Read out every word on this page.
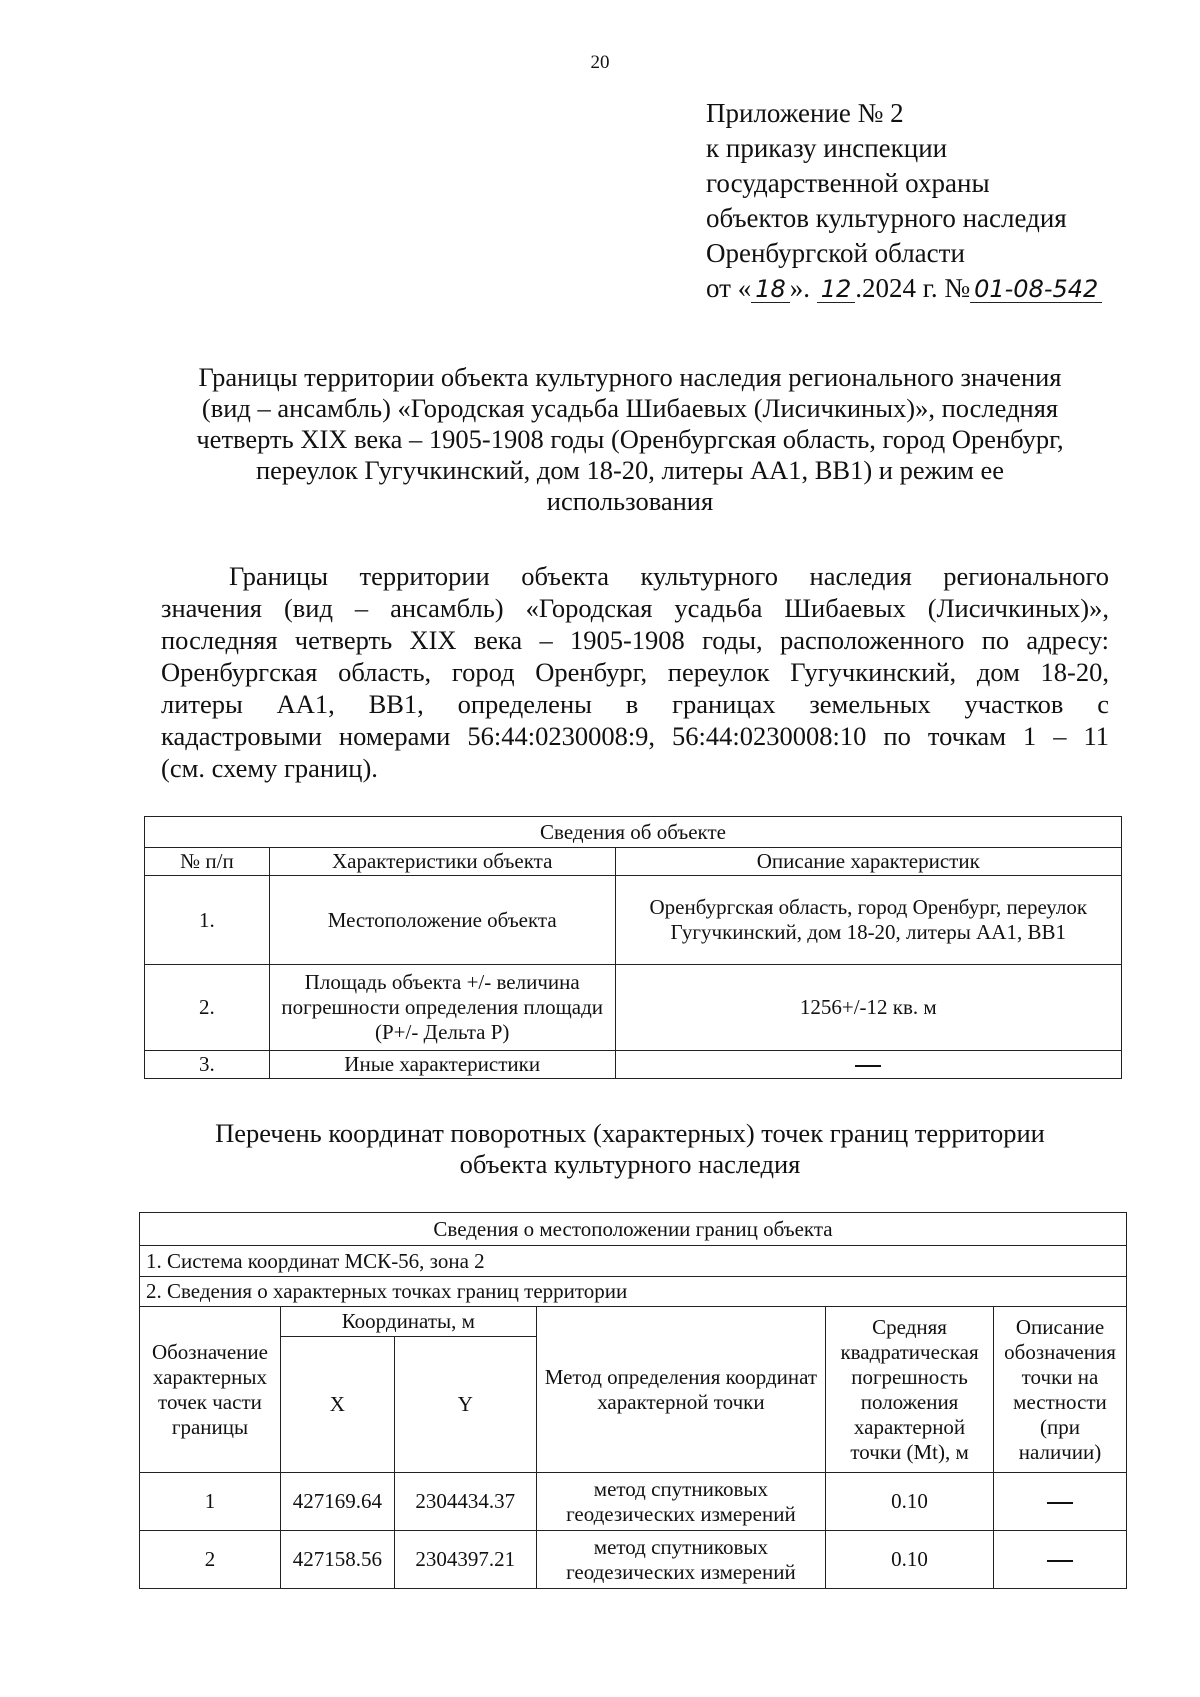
20
Приложение № 2
к приказу инспекции
государственной охраны
объектов культурного наследия
Оренбургской области
от « 18 ». 12 .2024 г. № 01-08-542
Границы территории объекта культурного наследия регионального значения
(вид – ансамбль) «Городская усадьба Шибаевых (Лисичкиных)», последняя
четверть XIX века – 1905-1908 годы (Оренбургская область, город Оренбург,
переулок Гугучкинский, дом 18-20, литеры АА1, ВВ1) и режим ее
использования
Границы территории объекта культурного наследия регионального
значения (вид – ансамбль) «Городская усадьба Шибаевых (Лисичкиных)»,
последняя четверть XIX века – 1905-1908 годы, расположенного по адресу:
Оренбургская область, город Оренбург, переулок Гугучкинский, дом 18-20,
литеры АА1, ВВ1, определены в границах земельных участков с
кадастровыми номерами 56:44:0230008:9, 56:44:0230008:10 по точкам 1 – 11
(см. схему границ).
Сведения об объекте		
№ п/п	Характеристики объекта	Описание характеристик
1.	Местоположение объекта	Оренбургская область, город Оренбург, переулок Гугучкинский, дом 18-20, литеры АА1, ВВ1
2.	Площадь объекта +/- величина погрешности определения площади (Р+/- Дельта Р)	1256+/-12 кв. м
3.	Иные характеристики	
Перечень координат поворотных (характерных) точек границ территории
объекта культурного наследия
Сведения о местоположении границ объекта					
1. Система координат МСК-56, зона 2					
2. Сведения о характерных точках границ территории					
Обозначение характерных точек части границы	Координаты, м		Метод определения координат характерной точки	Средняя квадратическая погрешность положения характерной точки (Mt), м	Описание обозначения точки на местности (при наличии)
	X	Y			
1	427169.64	2304434.37	метод спутниковых геодезических измерений	0.10	
2	427158.56	2304397.21	метод спутниковых геодезических измерений	0.10	
